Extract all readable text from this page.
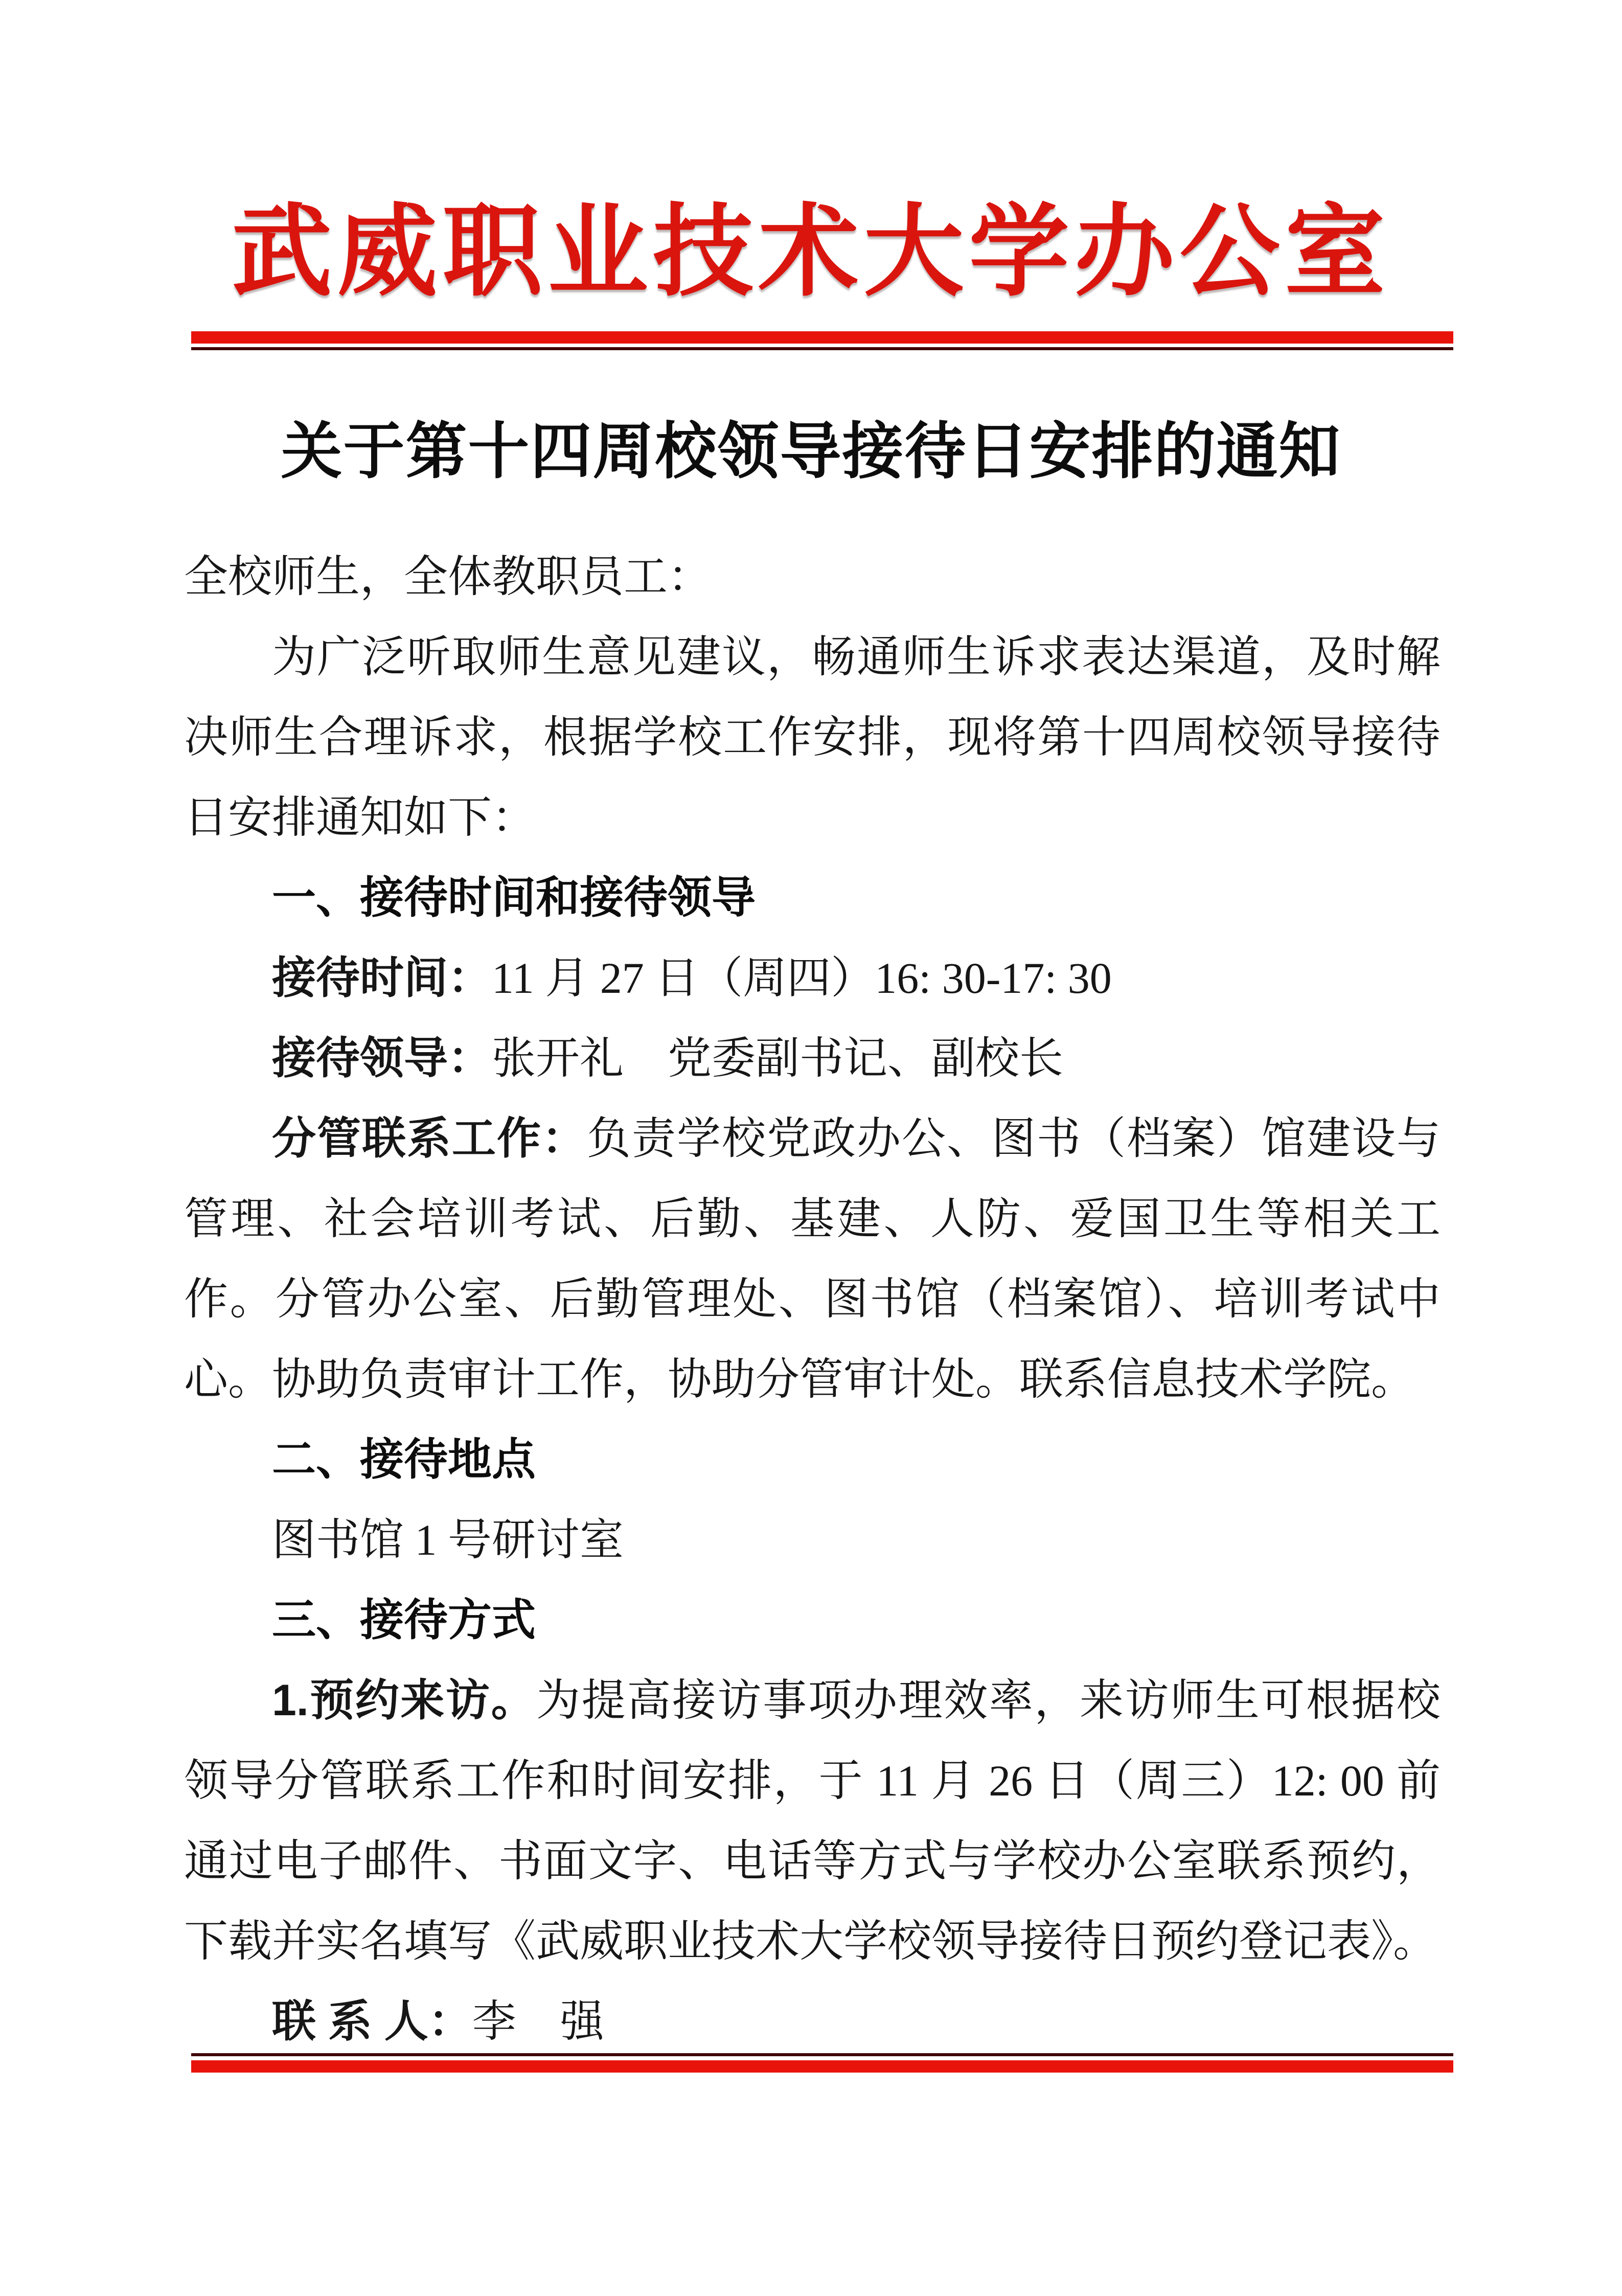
武威职业技术大学办公室
关于第十四周校领导接待日安排的通知

全校师生，全体教职员工：

为广泛听取师生意见建议，畅通师生诉求表达渠道，及时解决师生合理诉求，根据学校工作安排，现将第十四周校领导接待日安排通知如下：

一、接待时间和接待领导

接待时间：11 月 27 日（周四）16: 30-17: 30

接待领导：张开礼　党委副书记、副校长

分管联系工作：负责学校党政办公、图书（档案）馆建设与管理、社会培训考试、后勤、基建、人防、爱国卫生等相关工作。分管办公室、后勤管理处、图书馆（档案馆）、培训考试中心。协助负责审计工作，协助分管审计处。联系信息技术学院。

二、接待地点

图书馆 1 号研讨室

三、接待方式

1.预约来访。为提高接访事项办理效率，来访师生可根据校领导分管联系工作和时间安排，于 11 月 26 日（周三）12: 00 前通过电子邮件、书面文字、电话等方式与学校办公室联系预约，下载并实名填写《武威职业技术大学校领导接待日预约登记表》。

联 系 人：李　强
